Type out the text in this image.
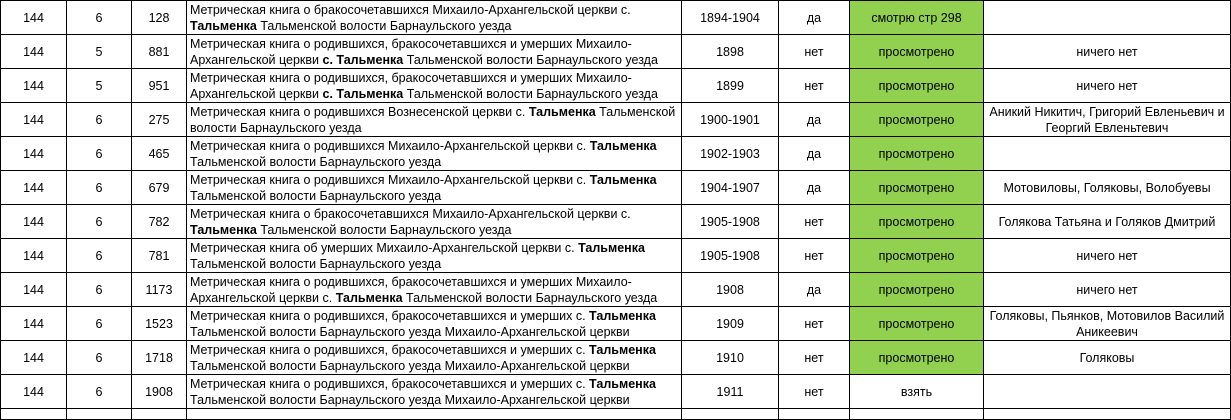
144	6	128	Метрическая книга о бракосочетавшихся Михаило-Архангельской церкви с. Тальменка Тальменской волости Барнаульского уезда	1894-1904	да	смотрю стр 298	
144	5	881	Метрическая книга о родившихся, бракосочетавшихся и умерших Михаило-Архангельской церкви с. Тальменка Тальменской волости Барнаульского уезда	1898	нет	просмотрено	ничего нет
144	5	951	Метрическая книга о родившихся, бракосочетавшихся и умерших Михаило-Архангельской церкви с. Тальменка Тальменской волости Барнаульского уезда	1899	нет	просмотрено	ничего нет
144	6	275	Метрическая книга о родившихся Вознесенской церкви с. Тальменка Тальменской волости Барнаульского уезда	1900-1901	да	просмотрено	Аникий Никитич, Григорий Евленьевич и Георгий Евленьтевич
144	6	465	Метрическая книга о родившихся Михаило-Архангельской церкви с. Тальменка Тальменской волости Барнаульского уезда	1902-1903	да	просмотрено	
144	6	679	Метрическая книга о родившихся Михаило-Архангельской церкви с. Тальменка Тальменской волости Барнаульского уезда	1904-1907	да	просмотрено	Мотовиловы, Голяковы, Волобуевы
144	6	782	Метрическая книга о бракосочетавшихся Михаило-Архангельской церкви с. Тальменка Тальменской волости Барнаульского уезда	1905-1908	нет	просмотрено	Голякова Татьяна и Голяков Дмитрий
144	6	781	Метрическая книга об умерших Михаило-Архангельской церкви с. Тальменка Тальменской волости Барнаульского уезда	1905-1908	нет	просмотрено	ничего нет
144	6	1173	Метрическая книга о родившихся, бракосочетавшихся и умерших Михаило-Архангельской церкви с. Тальменка Тальменской волости Барнаульского уезда	1908	да	просмотрено	ничего нет
144	6	1523	Метрическая книга о родившихся, бракосочетавшихся и умерших с. Тальменка Тальменской волости Барнаульского уезда Михаило-Архангельской церкви	1909	нет	просмотрено	Голяковы, Пьянков, Мотовилов Василий Аникеевич
144	6	1718	Метрическая книга о родившихся, бракосочетавшихся и умерших с. Тальменка Тальменской волости Барнаульского уезда Михаило-Архангельской церкви	1910	нет	просмотрено	Голяковы
144	6	1908	Метрическая книга о родившихся, бракосочетавшихся и умерших с. Тальменка Тальменской волости Барнаульского уезда Михаило-Архангельской церкви	1911	нет	взять	
